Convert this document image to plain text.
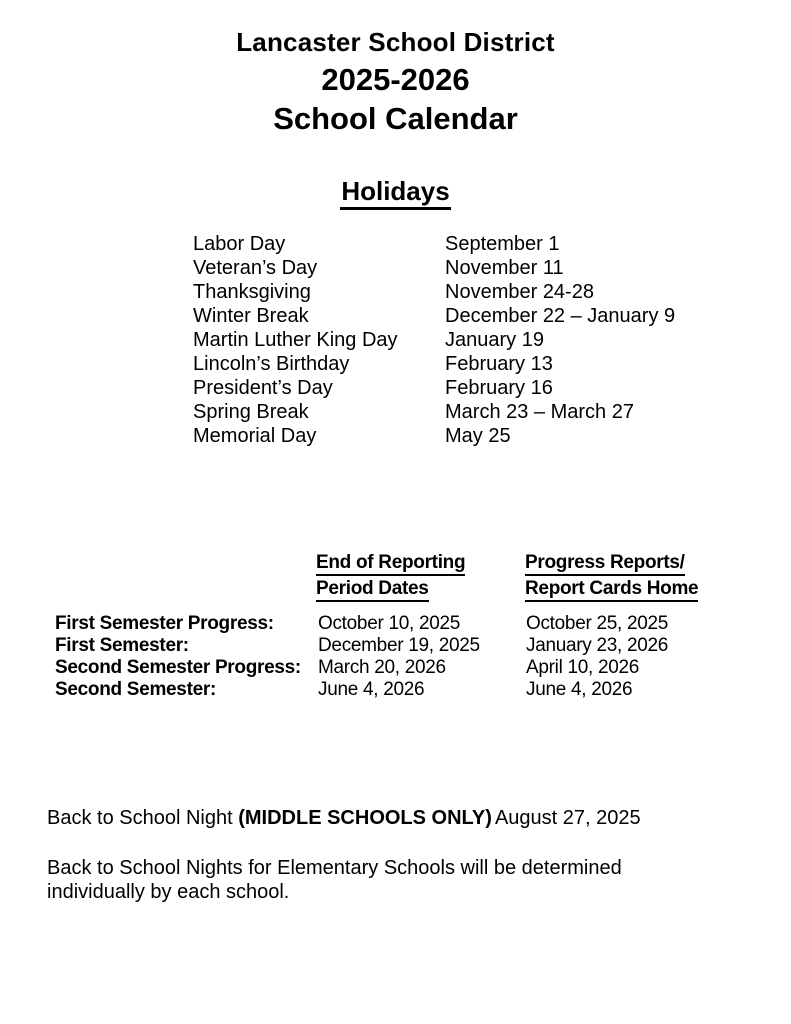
Lancaster School District
2025-2026
School Calendar
Holidays
Labor Day	September 1
Veteran’s Day	November 11
Thanksgiving	November 24-28
Winter Break	December 22 – January 9
Martin Luther King Day January 19
Lincoln’s Birthday	February 13
President’s Day	February 16
Spring Break	March 23 – March 27
Memorial Day	May 25
End of Reporting
Period Dates
Progress Reports/
Report Cards Home
First Semester Progress: October 10, 2025	October 25, 2025
First Semester:	December 19, 2025 January 23, 2026
Second Semester Progress: March 20, 2026	April 10, 2026
Second Semester:	June 4, 2026	June 4, 2026
Back to School Night (MIDDLE SCHOOLS ONLY) August 27, 2025
Back to School Nights for Elementary Schools will be determined
individually by each school.
